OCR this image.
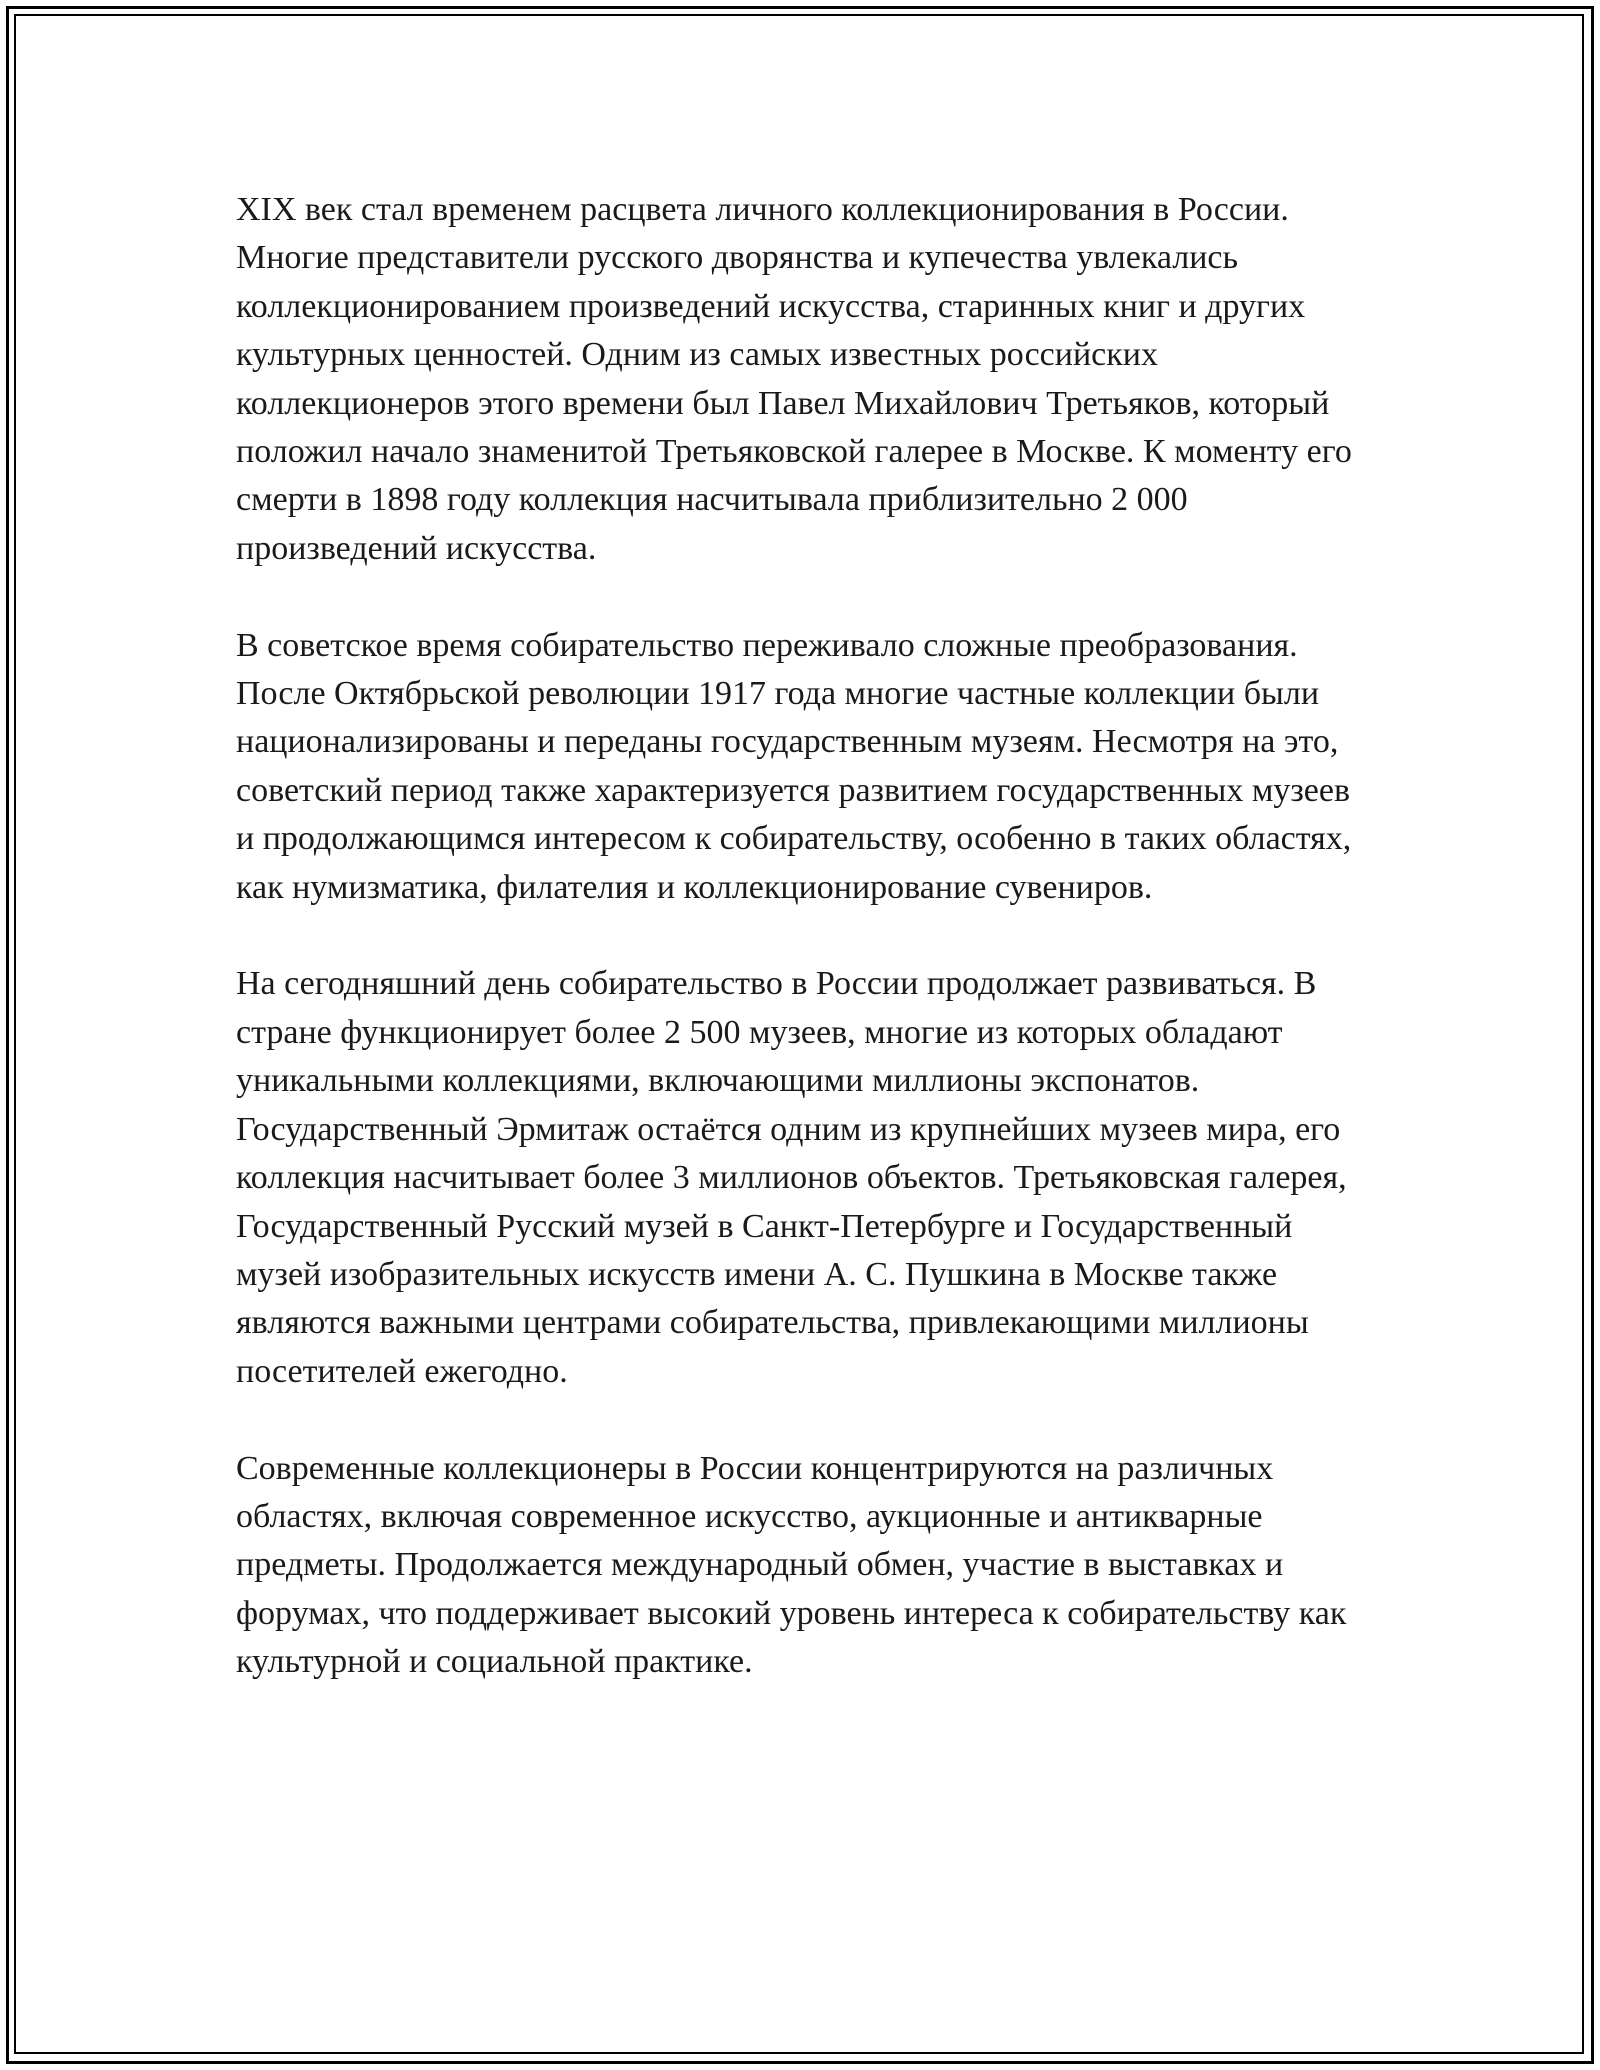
XIX век стал временем расцвета личного коллекционирования в России. Многие представители русского дворянства и купечества увлекались коллекционированием произведений искусства, старинных книг и других культурных ценностей. Одним из самых известных российских коллекционеров этого времени был Павел Михайлович Третьяков, который положил начало знаменитой Третьяковской галерее в Москве. К моменту его смерти в 1898 году коллекция насчитывала приблизительно 2 000 произведений искусства.

В советское время собирательство переживало сложные преобразования. После Октябрьской революции 1917 года многие частные коллекции были национализированы и переданы государственным музеям. Несмотря на это, советский период также характеризуется развитием государственных музеев и продолжающимся интересом к собирательству, особенно в таких областях, как нумизматика, филателия и коллекционирование сувениров.

На сегодняшний день собирательство в России продолжает развиваться. В стране функционирует более 2 500 музеев, многие из которых обладают уникальными коллекциями, включающими миллионы экспонатов. Государственный Эрмитаж остаётся одним из крупнейших музеев мира, его коллекция насчитывает более 3 миллионов объектов. Третьяковская галерея, Государственный Русский музей в Санкт-Петербурге и Государственный музей изобразительных искусств имени А. С. Пушкина в Москве также являются важными центрами собирательства, привлекающими миллионы посетителей ежегодно.

Современные коллекционеры в России концентрируются на различных областях, включая современное искусство, аукционные и антикварные предметы. Продолжается международный обмен, участие в выставках и форумах, что поддерживает высокий уровень интереса к собирательству как культурной и социальной практике.
